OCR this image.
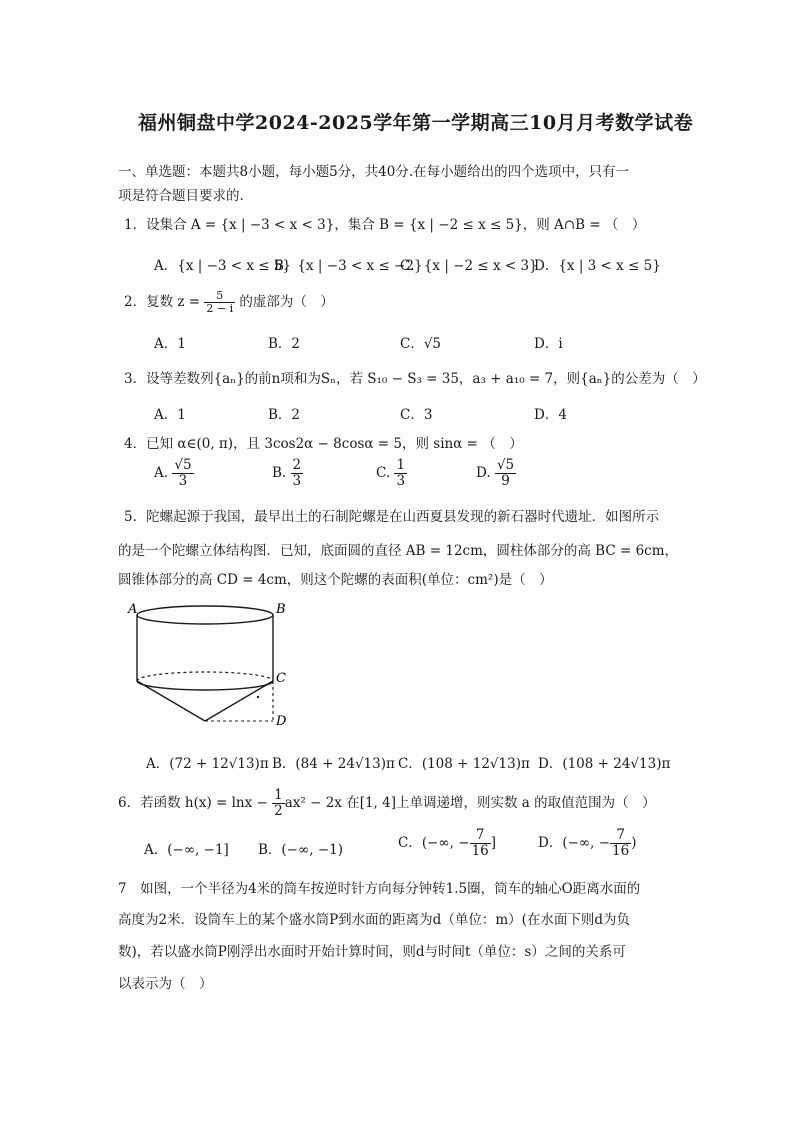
福州铜盘中学2024-2025学年第一学期高三10月月考数学试卷
一、单选题：本题共8小题，每小题5分，共40分.在每小题给出的四个选项中，只有一
项是符合题目要求的.
1．设集合 A = {x | −3 < x < 3}，集合 B = {x | −2 ≤ x ≤ 5}，则 A∩B = （　）
A．{x | −3 < x ≤ 5}
B．{x | −3 < x ≤ −2}
C．{x | −2 ≤ x < 3}
D．{x | 3 < x ≤ 5}
2．复数 $z = \frac{5}{2 - i}$ 的虚部为（　）
A．1	B．2	C．√5	D．i
3．设等差数列{aₙ}的前n项和为Sₙ，若 S₁₀ − S₃ = 35，a₃ + a₁₀ = 7，则{aₙ}的公差为（　）
A．1	B．2	C．3	D．4
4．已知 α∈(0, π)，且 3cos2α − 8cosα = 5，则 sinα = （　）
A. $\frac{√5}{3}$	B. $\frac{2}{3}$	C. $\frac{1}{3}$	D. $\frac{√5}{9}$
5．陀螺起源于我国，最早出土的石制陀螺是在山西夏县发现的新石器时代遗址．如图所示
的是一个陀螺立体结构图．已知，底面圆的直径 AB = 12cm，圆柱体部分的高 BC = 6cm，
圆锥体部分的高 CD = 4cm，则这个陀螺的表面积(单位：cm²)是（　）
A	B
C
D
A．(72 + 12√13)π B．(84 + 24√13)π C．(108 + 12√13)π D．(108 + 24√13)π
6．若函数 $h(x) = \ln x - \frac{1}{2} ax^2 - 2x$ 在[1, 4]上单调递增，则实数 a 的取值范围为（　）
A．(−∞, −1] B．(−∞, −1)	C．(−∞, − $\frac{7}{16}$ ]	D．(−∞, − $\frac{7}{16}$ )
7　如图，一个半径为4米的筒车按逆时针方向每分钟转1.5圈，筒车的轴心O距离水面的
高度为2米．设筒车上的某个盛水筒P到水面的距离为d（单位：m）(在水面下则d为负
数)，若以盛水筒P刚浮出水面时开始计算时间，则d与时间t（单位：s）之间的关系可
以表示为（　）
